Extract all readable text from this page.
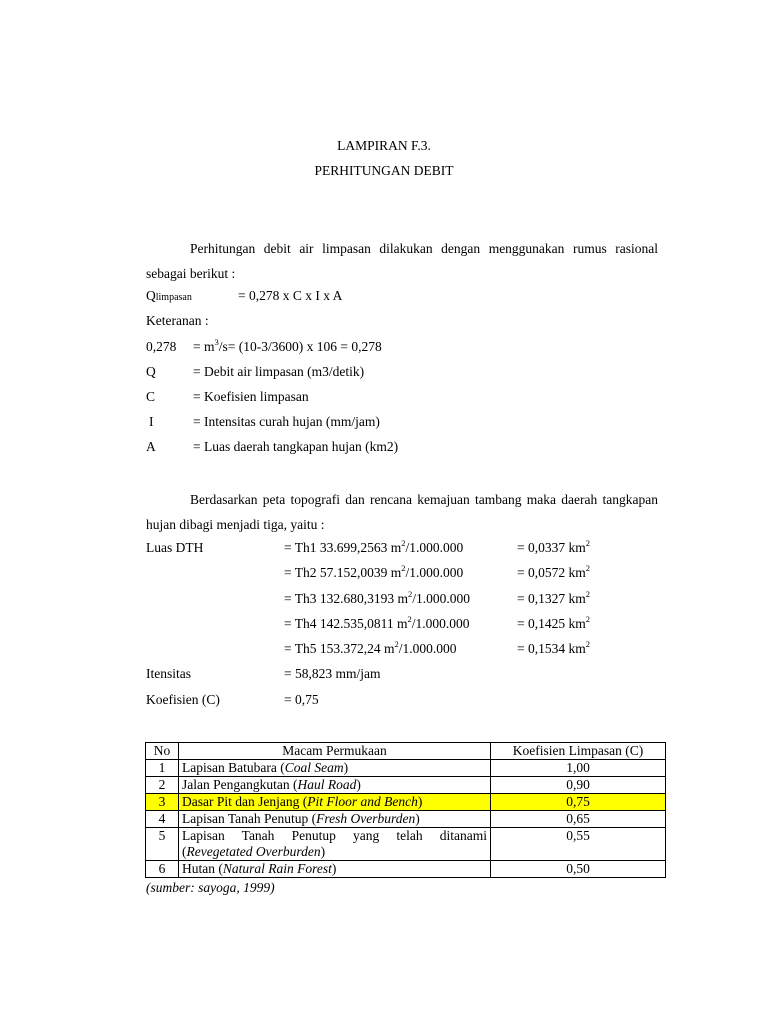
LAMPIRAN F.3.
PERHITUNGAN DEBIT
Perhitungan debit air limpasan dilakukan dengan menggunakan rumus rasional sebagai berikut :
Qlimpasan	= 0,278 x C x I x A
Keteranan :
$0,278 = m^3/s= (10-3/3600)$ x 106 = 0,278
Q	= Debit air limpasan (m3/detik)
C	= Koefisien limpasan
I	= Intensitas curah hujan (mm/jam)
A	= Luas daerah tangkapan hujan (km2)
Berdasarkan peta topografi dan rencana kemajuan tambang maka daerah tangkapan hujan dibagi menjadi tiga, yaitu :
Luas DTH	= Th1 33.699,2563 $m^2/1.000.000$	= 0,0337 $km^2$
= Th2 57.152,0039 $m^2/1.000.000$	= 0,0572 $km^2$
= Th3 132.680,3193 $m^2/1.000.000$	= 0,1327 $km^2$
= Th4 142.535,0811 $m^2/1.000.000$	= 0,1425 $km^2$
= Th5 153.372,24 $m^2/1.000.000$	= 0,1534 $km^2$
Itensitas	= 58,823 mm/jam
Koefisien (C)	= 0,75
No	Macam Permukaan	Koefisien Limpasan (C)
1	Lapisan Batubara (Coal Seam)	1,00
2	Jalan Pengangkutan (Haul Road)	0,90
3	Dasar Pit dan Jenjang (Pit Floor and Bench)	0,75
4	Lapisan Tanah Penutup (Fresh Overburden)	0,65
5	Lapisan Tanah Penutup yang telah ditanami (Revegetated Overburden)	0,55
6	Hutan (Natural Rain Forest)	0,50
(sumber: sayoga, 1999)
